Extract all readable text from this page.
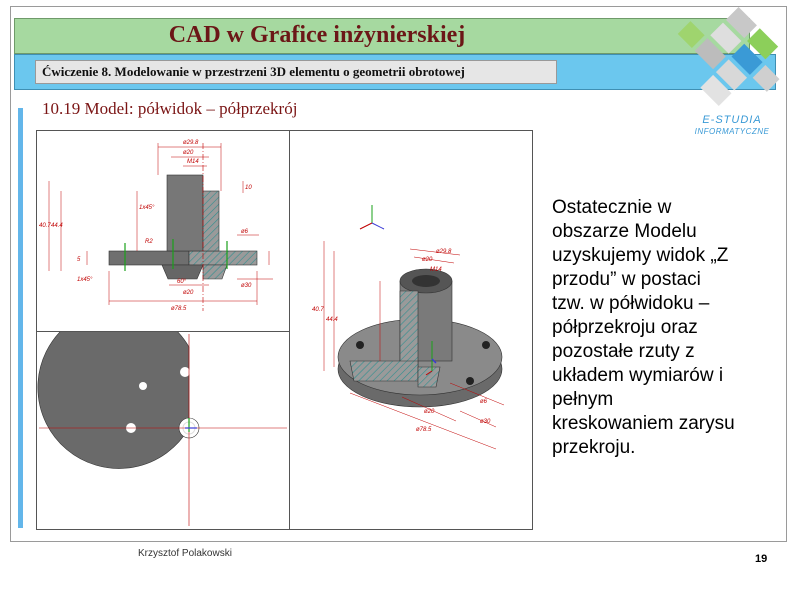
CAD w Grafice inżynierskiej
Ćwiczenie 8. Modelowanie w przestrzeni 3D elementu o geometrii obrotowej
E-STUDIA
INFORMATYCZNE
10.19 Model: półwidok – półprzekrój
ø29.8
ø20
M14
10
1x45°
40.7 44.4
ø6
ø30
5
1x45°
ø20
ø78.5
R2
60°
ø29.8
ø20
M14
40.7
44.4
ø6
ø30
ø20
ø78.5
Ostatecznie w
obszarze Modelu
uzyskujemy widok „Z
przodu” w postaci
tzw. w półwidoku –
półprzekroju oraz
pozostałe rzuty z
układem wymiarów i
pełnym
kreskowaniem zarysu
przekroju.
Krzysztof Polakowski	19
